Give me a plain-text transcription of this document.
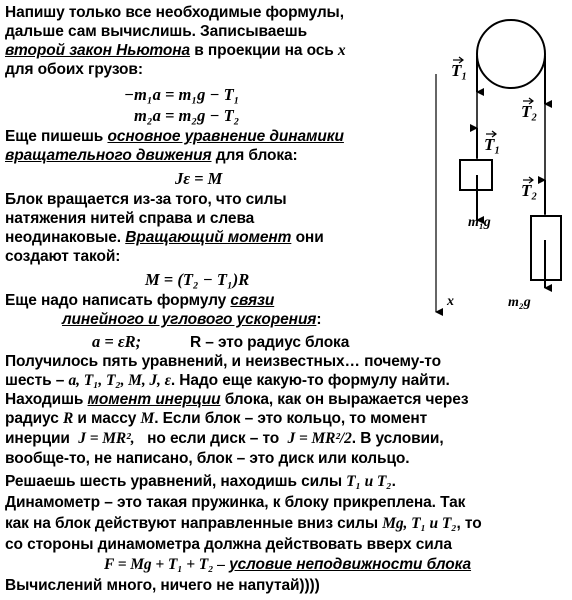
Напишу только все необходимые формулы,
дальше сам вычислишь. Записываешь
второй закон Ньютона в проекции на ось x
для обоих грузов:
−m₁a = m₁g − T₁
m₂a = m₂g − T₂
Еще пишешь основное уравнение динамики
вращательного движения для блока:
Jε = M
Блок вращается из-за того, что силы
натяжения нитей справа и слева
неодинаковые. Вращающий момент они
создают такой:
M = (T₂ − T₁)R
Еще надо написать формулу связи
линейного и углового ускорения:
a = εR;	R – это радиус блока
Получилось пять уравнений, и неизвестных… почему-то
шесть – a, T₁, T₂, M, J, ε. Надо еще какую-то формулу найти.
Находишь момент инерции блока, как он выражается через
радиус R и массу M. Если блок – это кольцо, то момент
инерции J = MR², но если диск – то J = MR²/2. В условии,
вообще-то, не написано, блок – это диск или кольцо.
Решаешь шесть уравнений, находишь силы T₁ и T₂.
Динамометр – это такая пружинка, к блоку прикреплена. Так
как на блок действуют направленные вниз силы Mg, T₁ и T₂, то
со стороны динамометра должна действовать вверх сила
F = Mg + T₁ + T₂ – условие неподвижности блока
Вычислений много, ничего не напутай))))
x
T₁
T₂
T₁
T₂
m₁g
m₂g
